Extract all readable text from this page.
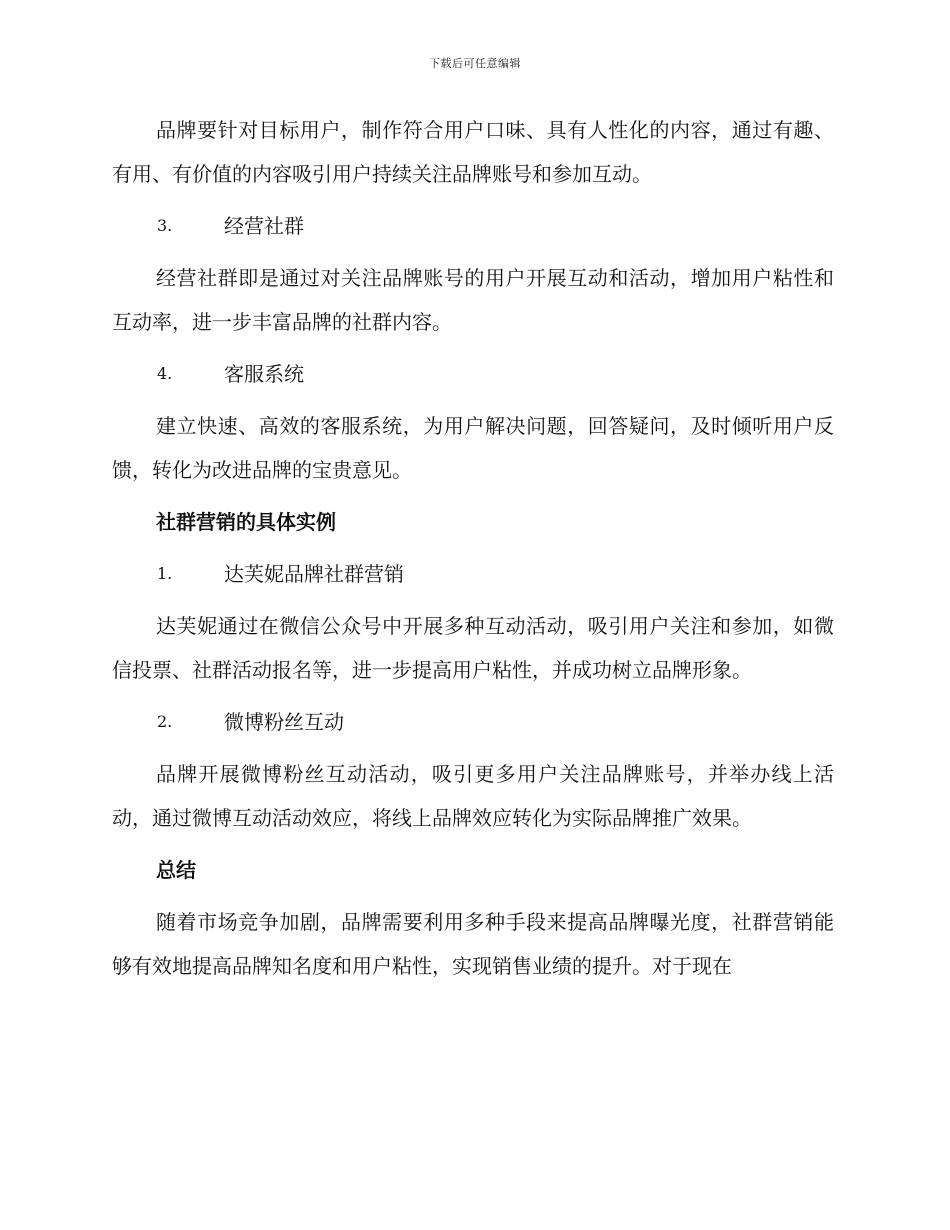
下载后可任意编辑

品牌要针对目标用户，制作符合用户口味、具有人性化的内容，通过有趣、有用、有价值的内容吸引用户持续关注品牌账号和参加互动。

3.	经营社群

经营社群即是通过对关注品牌账号的用户开展互动和活动，增加用户粘性和互动率，进一步丰富品牌的社群内容。

4.	客服系统

建立快速、高效的客服系统，为用户解决问题，回答疑问，及时倾听用户反馈，转化为改进品牌的宝贵意见。

社群营销的具体实例
1.	达芙妮品牌社群营销

达芙妮通过在微信公众号中开展多种互动活动，吸引用户关注和参加，如微信投票、社群活动报名等，进一步提高用户粘性，并成功树立品牌形象。

2.	微博粉丝互动

品牌开展微博粉丝互动活动，吸引更多用户关注品牌账号，并举办线上活动，通过微博互动活动效应，将线上品牌效应转化为实际品牌推广效果。

总结

随着市场竞争加剧，品牌需要利用多种手段来提高品牌曝光度，社群营销能够有效地提高品牌知名度和用户粘性，实现销售业绩的提升。对于现在
